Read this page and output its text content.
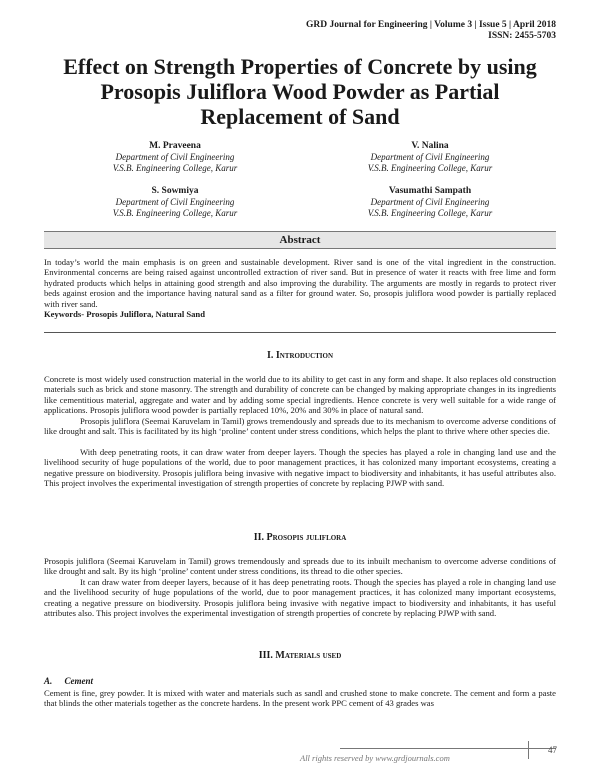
GRD Journal for Engineering | Volume 3 | Issue 5 | April 2018
ISSN: 2455-5703
Effect on Strength Properties of Concrete by using Prosopis Juliflora Wood Powder as Partial Replacement of Sand
M. Praveena
Department of Civil Engineering
V.S.B. Engineering College, Karur
V. Nalina
Department of Civil Engineering
V.S.B. Engineering College, Karur
S. Sowmiya
Department of Civil Engineering
V.S.B. Engineering College, Karur
Vasumathi Sampath
Department of Civil Engineering
V.S.B. Engineering College, Karur
Abstract
In today’s world the main emphasis is on green and sustainable development. River sand is one of the vital ingredient in the construction. Environmental concerns are being raised against uncontrolled extraction of river sand. But in presence of water it reacts with free lime and form hydrated products which helps in attaining good strength and also improving the durability. The arguments are mostly in regards to protect river beds against erosion and the importance having natural sand as a filter for ground water. So, prosopis juliflora wood powder is partially replaced with river sand.
Keywords- Prosopis Juliflora, Natural Sand
I. Introduction
Concrete is most widely used construction material in the world due to its ability to get cast in any form and shape. It also replaces old construction materials such as brick and stone masonry. The strength and durability of concrete can be changed by making appropriate changes in its ingredients like cementitious material, aggregate and water and by adding some special ingredients. Hence concrete is very well suitable for a wide range of applications. Prosopis juliflora wood powder is partially replaced 10%, 20% and 30% in place of natural sand.
Prosopis juliflora (Seemai Karuvelam in Tamil) grows tremendously and spreads due to its mechanism to overcome adverse conditions of like drought and salt. This is facilitated by its high ‘proline’ content under stress conditions, which helps the plant to thrive where other species die.
With deep penetrating roots, it can draw water from deeper layers. Though the species has played a role in changing land use and the livelihood security of huge populations of the world, due to poor management practices, it has colonized many important ecosystems, creating a negative pressure on biodiversity. Prosopis juliflora being invasive with negative impact to biodiversity and inhabitants, it has useful attributes also. This project involves the experimental investigation of strength properties of concrete by replacing PJWP with sand.
II. Prosopis juliflora
Prosopis juliflora (Seemai Karuvelam in Tamil) grows tremendously and spreads due to its inbuilt mechanism to overcome adverse conditions of like drought and salt. By its high ‘proline’ content under stress conditions, its thread to die other species.
It can draw water from deeper layers, because of it has deep penetrating roots. Though the species has played a role in changing land use and the livelihood security of huge populations of the world, due to poor management practices, it has colonized many important ecosystems, creating a negative pressure on biodiversity. Prosopis juliflora being invasive with negative impact to biodiversity and inhabitants, it has useful attributes also. This project involves the experimental investigation of strength properties of concrete by replacing PJWP with sand.
III. Materials used
A. Cement
Cement is fine, grey powder. It is mixed with water and materials such as sandl and crushed stone to make concrete. The cement and form a paste that blinds the other materials together as the concrete hardens. In the present work PPC cement of 43 grades was
All rights reserved by www.grdjournals.com
47
